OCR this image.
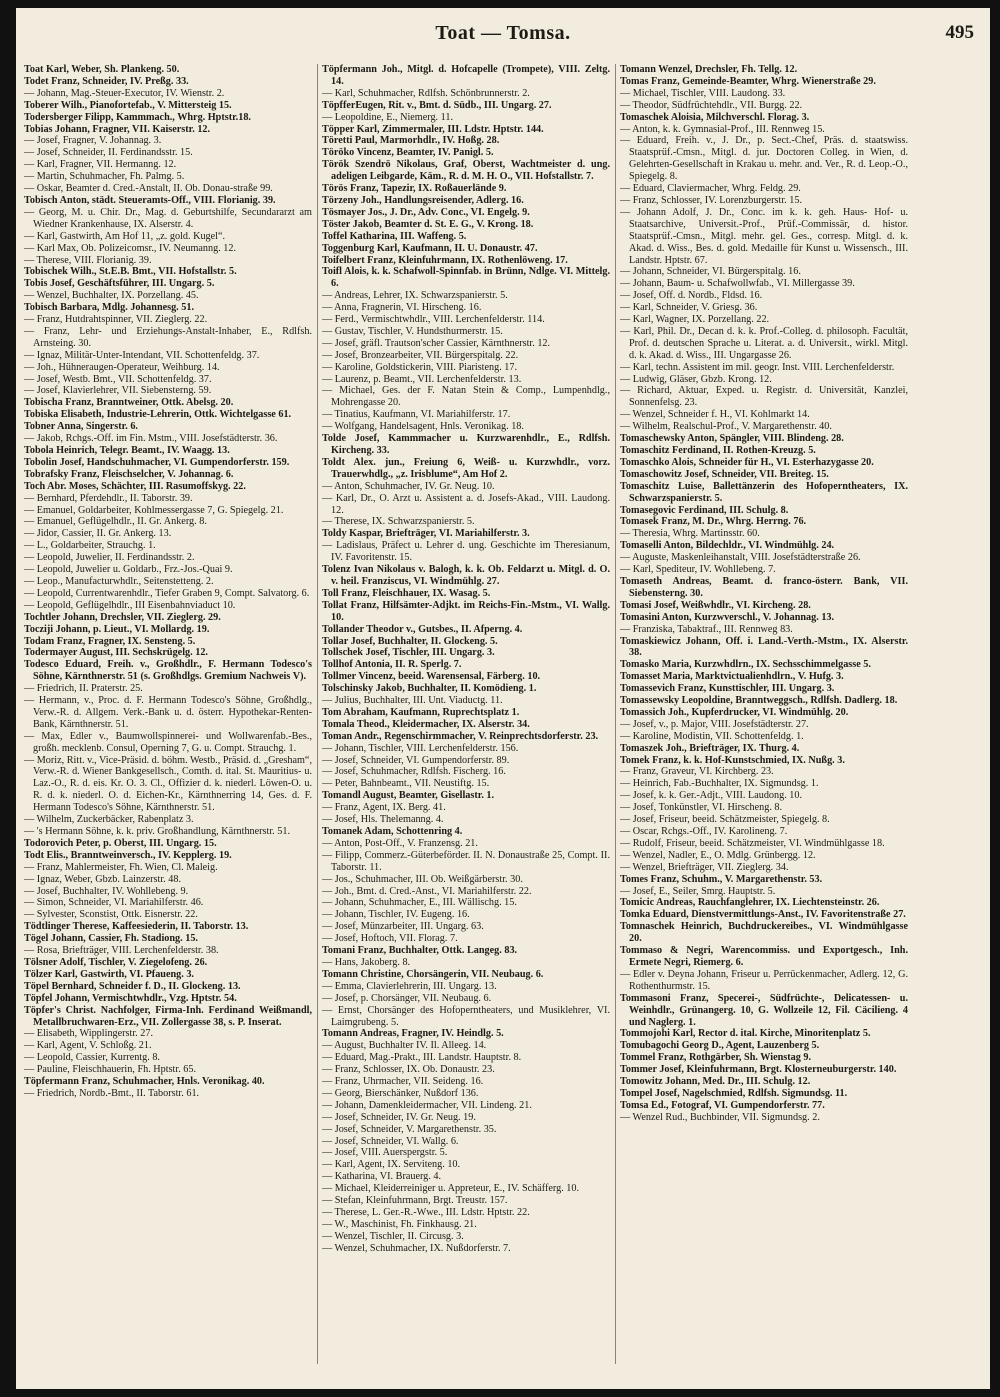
Toat — Tomsa.	495

Toat Karl, Weber, Sh. Plankeng. 50.

Todet Franz, Schneider, IV. Preßg. 33.

— Johann, Mag.-Steuer-Executor, IV. Wienstr. 2.

Toberer Wilh., Pianofortefab., V. Mittersteig 15.

Todersberger Filipp, Kammmach., Whrg. Hptstr.18.

Tobias Johann, Fragner, VII. Kaiserstr. 12.

— Josef, Fragner, V. Johannag. 3.

— Josef, Schneider, II. Ferdinandsstr. 15.

— Karl, Fragner, VII. Hermanng. 12.

— Martin, Schuhmacher, Fh. Palmg. 5.

— Oskar, Beamter d. Cred.-Anstalt, II. Ob. Donau-straße 99.

Tobisch Anton, städt. Steueramts-Off., VIII. Florianig. 39.

— Georg, M. u. Chir. Dr., Mag. d. Geburtshilfe, Secundararzt am Wiedner Krankenhause, IX. Alserstr. 4.

— Karl, Gastwirth, Am Hof 11, „z. gold. Kugel“.

— Karl Max, Ob. Polizeicomsr., IV. Neumanng. 12.

— Therese, VIII. Florianig. 39.

Tobischek Wilh., St.E.B. Bmt., VII. Hofstallstr. 5.

Tobis Josef, Geschäftsführer, III. Ungarg. 5.

— Wenzel, Buchhalter, IX. Porzellang. 45.

Tobisch Barbara, Mdlg. Johannesg. 51.

— Franz, Hutdrahtspinner, VII. Zieglerg. 22.

— Franz, Lehr- und Erziehungs-Anstalt-Inhaber, E., Rdlfsh. Arnsteing. 30.

— Ignaz, Militär-Unter-Intendant, VII. Schottenfeldg. 37.

— Joh., Hühneraugen-Operateur, Weihburg. 14.

— Josef, Westb. Bmt., VII. Schottenfeldg. 37.

— Josef, Klavierlehrer, VII. Siebensterng. 59.

Tobischa Franz, Branntweiner, Ottk. Abelsg. 20.

Tobiska Elisabeth, Industrie-Lehrerin, Ottk. Wichtelgasse 61.

Tobner Anna, Singerstr. 6.

— Jakob, Rchgs.-Off. im Fin. Mstm., VIII. Josefstädterstr. 36.

Tobola Heinrich, Telegr. Beamt., IV. Waagg. 13.

Tobolin Josef, Handschuhmacher, VI. Gumpendorferstr. 159.

Tobrafsky Franz, Fleischselcher, V. Johannag. 6.

Toch Abr. Moses, Schächter, III. Rasumoffskyg. 22.

— Bernhard, Pferdehdlr., II. Taborstr. 39.

— Emanuel, Goldarbeiter, Kohlmessergasse 7, G. Spiegelg. 21.

— Emanuel, Geflügelhdlr., II. Gr. Ankerg. 8.

— Jidor, Cassier, II. Gr. Ankerg. 13.

— L., Goldarbeiter, Strauchg. 1.

— Leopold, Juwelier, II. Ferdinandsstr. 2.

— Leopold, Juwelier u. Goldarb., Frz.-Jos.-Quai 9.

— Leop., Manufacturwhdlr., Seitenstetteng. 2.

— Leopold, Currentwarenhdlr., Tiefer Graben 9, Compt. Salvatorg. 6.

— Leopold, Geflügelhdlr., III Eisenbahnviaduct 10.

Tochtler Johann, Drechsler, VII. Zieglerg. 29.

Tocziji Johann, p. Lieut., VI. Mollardg. 19.

Todam Franz, Fragner, IX. Sensteng. 5.

Todermayer August, III. Sechskrügelg. 12.

Todesco Eduard, Freih. v., Großhdlr., F. Hermann Todesco's Söhne, Kärnthnerstr. 51 (s. Großhdlgs. Gremium Nachweis V).

— Friedrich, II. Praterstr. 25.

— Hermann, v., Proc. d. F. Hermann Todesco's Söhne, Großhdlg., Verw.-R. d. Allgem. Verk.-Bank u. d. österr. Hypothekar-Renten-Bank, Kärnthnerstr. 51.

— Max, Edler v., Baumwollspinnerei- und Wollwarenfab.-Bes., großh. mecklenb. Consul, Operning 7, G. u. Compt. Strauchg. 1.

— Moriz, Ritt. v., Vice-Präsid. d. böhm. Westb., Präsid. d. „Gresham“, Verw.-R. d. Wiener Bankgesellsch., Comth. d. ital. St. Mauritius- u. Laz.-O., R. d. eis. Kr. O. 3. Cl., Offizier d. k. niederl. Löwen-O. u. R. d. k. niederl. O. d. Eichen-Kr., Kärnthnerring 14, Ges. d. F. Hermann Todesco's Söhne, Kärnthnerstr. 51.

— Wilhelm, Zuckerbäcker, Rabenplatz 3.

— 's Hermann Söhne, k. k. priv. Großhandlung, Kärnthnerstr. 51.

Todorovich Peter, p. Oberst, III. Ungarg. 15.

Todt Elis., Branntweinversch., IV. Kepplerg. 19.

— Franz, Mahlermeister, Fh. Wien, Cl. Maleig.

— Ignaz, Weber, Gbzb. Lainzerstr. 48.

— Josef, Buchhalter, IV. Wohllebeng. 9.

— Simon, Schneider, VI. Mariahilferstr. 46.

— Sylvester, Sconstist, Ottk. Eisnerstr. 22.

Tödtlinger Therese, Kaffeesiederin, II. Taborstr. 13.

Tögel Johann, Cassier, Fh. Stadiong. 15.

— Rosa, Briefträger, VIII. Lerchenfelderstr. 38.

Tölsner Adolf, Tischler, V. Ziegelofeng. 26.

Tölzer Karl, Gastwirth, VI. Pfaueng. 3.

Töpel Bernhard, Schneider f. D., II. Glockeng. 13.

Töpfel Johann, Vermischtwhdlr., Vzg. Hptstr. 54.

Töpfer's Christ. Nachfolger, Firma-Inh. Ferdinand Weißmandl, Metallbruchwaren-Erz., VII. Zollergasse 38, s. P. Inserat.

— Elisabeth, Wipplingerstr. 27.

— Karl, Agent, V. Schloßg. 21.

— Leopold, Cassier, Kurrentg. 8.

— Pauline, Fleischhauerin, Fh. Hptstr. 65.

Töpfermann Franz, Schuhmacher, Hnls. Veronikag. 40.

— Friedrich, Nordb.-Bmt., II. Taborstr. 61.

Töpfermann Joh., Mitgl. d. Hofcapelle (Trompete), VIII. Zeltg. 14.

— Karl, Schuhmacher, Rdlfsh. Schönbrunnerstr. 2.

TöpfferEugen, Rit. v., Bmt. d. Südb., III. Ungarg. 27.

— Leopoldine, E., Niemerg. 11.

Töpper Karl, Zimmermaler, III. Ldstr. Hptstr. 144.

Töretti Paul, Marmorhdlr., IV. Hoßg. 28.

Töröko Vincenz, Beamter, IV. Panigl. 5.

Török Szendrö Nikolaus, Graf, Oberst, Wachtmeister d. ung. adeligen Leibgarde, Käm., R. d. M. H. O., VII. Hofstallstr. 7.

Törös Franz, Tapezir, IX. Roßauerlände 9.

Törzeny Joh., Handlungsreisender, Adlerg. 16.

Tösmayer Jos., J. Dr., Adv. Conc., VI. Engelg. 9.

Töster Jakob, Beamter d. St. E. G., V. Krong. 18.

Toffel Katharina, III. Waffeng. 5.

Toggenburg Karl, Kaufmann, II. U. Donaustr. 47.

Toifelbert Franz, Kleinfuhrmann, IX. Rothenlöweng. 17.

Toifl Alois, k. k. Schafwoll-Spinnfab. in Brünn, Ndlge. VI. Mittelg. 6.

— Andreas, Lehrer, IX. Schwarzspanierstr. 5.

— Anna, Fragnerin, VI. Hirscheng. 16.

— Ferd., Vermischtwhdlr., VIII. Lerchenfelderstr. 114.

— Gustav, Tischler, V. Hundsthurmerstr. 15.

— Josef, gräfl. Trautson'scher Cassier, Kärnthnerstr. 12.

— Josef, Bronzearbeiter, VII. Bürgerspitalg. 22.

— Karoline, Goldstickerin, VIII. Piaristeng. 17.

— Laurenz, p. Beamt., VII. Lerchenfelderstr. 13.

— Michael, Ges. der F. Natan Stein & Comp., Lumpenhdlg., Mohrengasse 20.

— Tinatius, Kaufmann, VI. Mariahilferstr. 17.

— Wolfgang, Handelsagent, Hnls. Veronikag. 18.

Tolde Josef, Kammmacher u. Kurzwarenhdlr., E., Rdlfsh. Kircheng. 33.

Toldt Alex. jun., Freiung 6, Weiß- u. Kurzwhdlr., vorz. Trauerwhdlg., „z. Irisblume“, Am Hof 2.

— Anton, Schuhmacher, IV. Gr. Neug. 10.

— Karl, Dr., O. Arzt u. Assistent a. d. Josefs-Akad., VIII. Laudong. 12.

— Therese, IX. Schwarzspanierstr. 5.

Toldy Kaspar, Briefträger, VI. Mariahilferstr. 3.

— Ladislaus, Präfect u. Lehrer d. ung. Geschichte im Theresianum, IV. Favoritenstr. 15.

Tolenz Ivan Nikolaus v. Balogh, k. k. Ob. Feldarzt u. Mitgl. d. O. v. heil. Franziscus, VI. Windmühlg. 27.

Toll Franz, Fleischhauer, IX. Wasag. 5.

Tollat Franz, Hilfsämter-Adjkt. im Reichs-Fin.-Mstm., VI. Wallg. 10.

Tollander Theodor v., Gutsbes., II. Afperng. 4.

Tollar Josef, Buchhalter, II. Glockeng. 5.

Tollschek Josef, Tischler, III. Ungarg. 3.

Tollhof Antonia, II. R. Sperlg. 7.

Tollmer Vincenz, beeid. Warensensal, Färberg. 10.

Tolschinsky Jakob, Buchhalter, II. Komödieng. 1.

— Julius, Buchhalter, III. Unt. Viaductg. 11.

Tom Abraham, Kaufmann, Ruprechtsplatz 1.

Tomala Theod., Kleidermacher, IX. Alserstr. 34.

Toman Andr., Regenschirmmacher, V. Reinprechtsdorferstr. 23.

— Johann, Tischler, VIII. Lerchenfelderstr. 156.

— Josef, Schneider, VI. Gumpendorferstr. 89.

— Josef, Schuhmacher, Rdlfsh. Fischerg. 16.

— Peter, Bahnbeamt., VII. Neustiftg. 15.

Tomandl August, Beamter, Gisellastr. 1.

— Franz, Agent, IX. Berg. 41.

— Josef, Hls. Thelemanng. 4.

Tomanek Adam, Schottenring 4.

— Anton, Post-Off., V. Franzensg. 21.

— Filipp, Commerz.-Güterbeförder. II. N. Donaustraße 25, Compt. II. Taborstr. 11.

— Jos., Schuhmacher, III. Ob. Weißgärberstr. 30.

— Joh., Bmt. d. Cred.-Anst., VI. Mariahilferstr. 22.

— Johann, Schuhmacher, E., III. Wällischg. 15.

— Johann, Tischler, IV. Eugeng. 16.

— Josef, Münzarbeiter, III. Ungarg. 63.

— Josef, Hoftoch, VII. Florag. 7.

Tomani Franz, Buchhalter, Ottk. Langeg. 83.

— Hans, Jakoberg. 8.

Tomann Christine, Chorsängerin, VII. Neubaug. 6.

— Emma, Clavierlehrerin, III. Ungarg. 13.

— Josef, p. Chorsänger, VII. Neubaug. 6.

— Ernst, Chorsänger des Hofoperntheaters, und Musiklehrer, VI. Laimgrubeng. 5.

Tomann Andreas, Fragner, IV. Heindlg. 5.

— August, Buchhalter IV. Il. Alleeg. 14.

— Eduard, Mag.-Prakt., III. Landstr. Hauptstr. 8.

— Franz, Schlosser, IX. Ob. Donaustr. 23.

— Franz, Uhrmacher, VII. Seideng. 16.

— Georg, Bierschänker, Nußdorf 136.

— Johann, Damenkleidermacher, VII. Lindeng. 21.

— Josef, Schneider, IV. Gr. Neug. 19.

— Josef, Schneider, V. Margarethenstr. 35.

— Josef, Schneider, VI. Wallg. 6.

— Josef, VIII. Auerspergstr. 5.

— Karl, Agent, IX. Serviteng. 10.

— Katharina, VI. Brauerg. 4.

— Michael, Kleiderreiniger u. Appreteur, E., IV. Schäfferg. 10.

— Stefan, Kleinfuhrmann, Brgt. Treustr. 157.

— Therese, L. Ger.-R.-Wwe., III. Ldstr. Hptstr. 22.

— W., Maschinist, Fh. Finkhausg. 21.

— Wenzel, Tischler, II. Circusg. 3.

— Wenzel, Schuhmacher, IX. Nußdorferstr. 7.

Tomann Wenzel, Drechsler, Fh. Tellg. 12.

Tomas Franz, Gemeinde-Beamter, Whrg. Wienerstraße 29.

— Michael, Tischler, VIII. Laudong. 33.

— Theodor, Südfrüchtehdlr., VII. Burgg. 22.

Tomaschek Aloisia, Milchverschl. Florag. 3.

— Anton, k. k. Gymnasial-Prof., III. Rennweg 15.

— Eduard, Freih. v., J. Dr., p. Sect.-Chef, Präs. d. staatswiss. Staatsprüf.-Cmsn., Mitgl. d. jur. Doctoren Colleg. in Wien, d. Gelehrten-Gesellschaft in Krakau u. mehr. and. Ver., R. d. Leop.-O., Spiegelg. 8.

— Eduard, Claviermacher, Whrg. Feldg. 29.

— Franz, Schlosser, IV. Lorenzburgerstr. 15.

— Johann Adolf, J. Dr., Conc. im k. k. geh. Haus- Hof- u. Staatsarchive, Universit.-Prof., Prüf.-Commissär, d. histor. Staatsprüf.-Cmsn., Mitgl. mehr. gel. Ges., corresp. Mitgl. d. k. Akad. d. Wiss., Bes. d. gold. Medaille für Kunst u. Wissensch., III. Landstr. Hptstr. 67.

— Johann, Schneider, VI. Bürgerspitalg. 16.

— Johann, Baum- u. Schafwollwfab., VI. Millergasse 39.

— Josef, Off. d. Nordb., Fldsd. 16.

— Karl, Schneider, V. Griesg. 36.

— Karl, Wagner, IX. Porzellang. 22.

— Karl, Phil. Dr., Decan d. k. k. Prof.-Colleg. d. philosoph. Facultät, Prof. d. deutschen Sprache u. Literat. a. d. Universit., wirkl. Mitgl. d. k. Akad. d. Wiss., III. Ungargasse 26.

— Karl, techn. Assistent im mil. geogr. Inst. VIII. Lerchenfelderstr.

— Ludwig, Gläser, Gbzb. Krong. 12.

— Richard, Aktuar, Exped. u. Registr. d. Universität, Kanzlei, Sonnenfelsg. 23.

— Wenzel, Schneider f. H., VI. Kohlmarkt 14.

— Wilhelm, Realschul-Prof., V. Margarethenstr. 40.

Tomaschewsky Anton, Spängler, VIII. Blindeng. 28.

Tomaschitz Ferdinand, II. Rothen-Kreuzg. 5.

Tomaschko Alois, Schneider für H., VI. Esterhazygasse 20.

Tomaschowitz Josef, Schneider, VII. Breiteg. 15.

Tomaschitz Luise, Ballettänzerin des Hofoperntheaters, IX. Schwarzspanierstr. 5.

Tomasegovic Ferdinand, III. Schulg. 8.

Tomasek Franz, M. Dr., Whrg. Herrng. 76.

— Theresia, Whrg. Martinsstr. 60.

Tomaselli Anton, Bildechldr., VI. Windmühlg. 24.

— Auguste, Maskenleihanstalt, VIII. Josefstädterstraße 26.

— Karl, Spediteur, IV. Wohllebeng. 7.

Tomaseth Andreas, Beamt. d. franco-österr. Bank, VII. Siebensterng. 30.

Tomasi Josef, Weißwhdlr., VI. Kircheng. 28.

Tomasini Anton, Kurzwverschl., V. Johannag. 13.

— Franziska, Tabaktraf., III. Rennweg 83.

Tomaskiewicz Johann, Off. i. Land.-Verth.-Mstm., IX. Alserstr. 38.

Tomasko Maria, Kurzwhdlrn., IX. Sechsschimmelgasse 5.

Tomasset Maria, Marktvictualienhdlrn., V. Hufg. 3.

Tomassevich Franz, Kunsttischler, III. Ungarg. 3.

Tomassewsky Leopoldine, Branntweggsch., Rdlfsh. Dadlerg. 18.

Tomassich Joh., Kupferdrucker, VI. Windmühlg. 20.

— Josef, v., p. Major, VIII. Josefstädterstr. 27.

— Karoline, Modistin, VII. Schottenfeldg. 1.

Tomaszek Joh., Briefträger, IX. Thurg. 4.

Tomek Franz, k. k. Hof-Kunstschmied, IX. Nußg. 3.

— Franz, Graveur, VI. Kirchberg. 23.

— Heinrich, Fab.-Buchhalter, IX. Sigmundsg. 1.

— Josef, k. k. Ger.-Adjt., VIII. Laudong. 10.

— Josef, Tonkünstler, VI. Hirscheng. 8.

— Josef, Friseur, beeid. Schätzmeister, Spiegelg. 8.

— Oscar, Rchgs.-Off., IV. Karolineng. 7.

— Rudolf, Friseur, beeid. Schätzmeister, VI. Windmühlgasse 18.

— Wenzel, Nadler, E., O. Mdlg. Grünbergg. 12.

— Wenzel, Briefträger, VII. Zieglerg. 34.

Tomes Franz, Schuhm., V. Margarethenstr. 53.

— Josef, E., Seiler, Smrg. Hauptstr. 5.

Tomicic Andreas, Rauchfanglehrer, IX. Liechtensteinstr. 26.

Tomka Eduard, Dienstvermittlungs-Anst., IV. Favoritenstraße 27.

Tomnaschek Heinrich, Buchdruckereibes., VI. Windmühlgasse 20.

Tommaso & Negri, Warencommiss. und Exportgesch., Inh. Ermete Negri, Riemerg. 6.

— Edler v. Deyna Johann, Friseur u. Perrückenmacher, Adlerg. 12, G. Rothenthurmstr. 15.

Tommasoni Franz, Specerei-, Südfrüchte-, Delicatessen- u. Weinhdlr., Grünangerg. 10, G. Wollzeile 12, Fil. Cäcilieng. 4 und Naglerg. 1.

Tommojohi Karl, Rector d. ital. Kirche, Minoritenplatz 5.

Tomubagochi Georg D., Agent, Lauzenberg 5.

Tommel Franz, Rothgärber, Sh. Wienstag 9.

Tommer Josef, Kleinfuhrmann, Brgt. Klosterneuburgerstr. 140.

Tomowitz Johann, Med. Dr., III. Schulg. 12.

Tompel Josef, Nagelschmied, Rdlfsh. Sigmundsg. 11.

Tomsa Ed., Fotograf, VI. Gumpendorferstr. 77.

— Wenzel Rud., Buchbinder, VII. Sigmundsg. 2.
